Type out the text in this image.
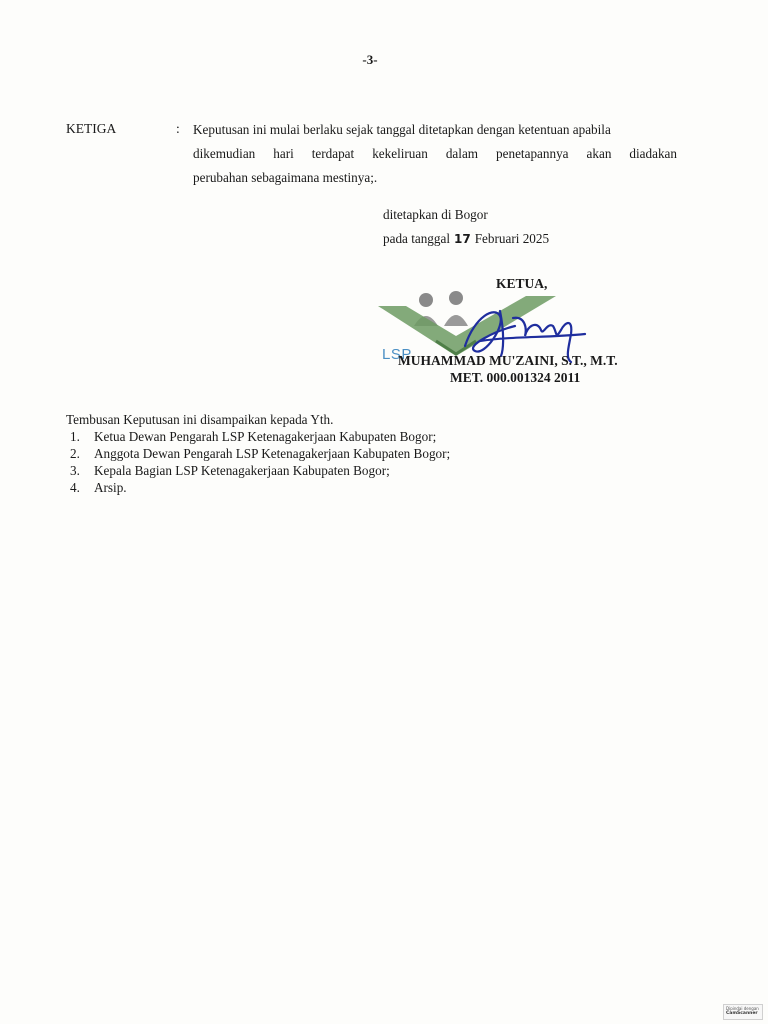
-3-
KETIGA	: Keputusan ini mulai berlaku sejak tanggal ditetapkan dengan ketentuan apabila
dikemudian hari terdapat kekeliruan dalam penetapannya akan diadakan
perubahan sebagaimana mestinya;.
ditetapkan di Bogor
pada tanggal 17 Februari 2025
KETUA,
LSP
MUHAMMAD MU'ZAINI, S.T., M.T.
MET. 000.001324 2011
Tembusan Keputusan ini disampaikan kepada Yth.
1.	Ketua Dewan Pengarah LSP Ketenagakerjaan Kabupaten Bogor;
2.	Anggota Dewan Pengarah LSP Ketenagakerjaan Kabupaten Bogor;
3.	Kepala Bagian LSP Ketenagakerjaan Kabupaten Bogor;
4.	Arsip.
Dipindai dengan
CamScanner
